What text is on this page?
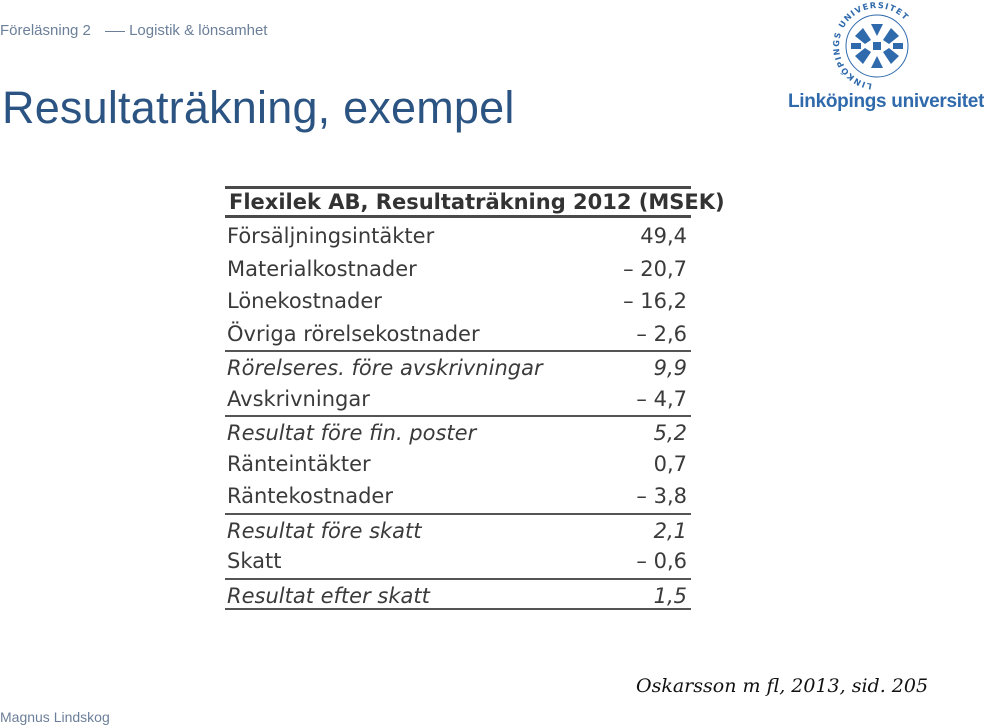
Föreläsning 2	Logistik & lönsamhet
Resultaträkning, exempel	LINKÖPINGS UNIVERSITET
Linköpings universitet
Flexilek AB, Resultaträkning 2012 (MSEK)
Försäljningsintäkter	49,4
Materialkostnader	– 20,7
Lönekostnader	– 16,2
Övriga rörelsekostnader	– 2,6
Rörelseres. före avskrivningar	9,9
Avskrivningar	– 4,7
Resultat före fin. poster	5,2
Ränteintäkter	0,7
Räntekostnader	– 3,8
Resultat före skatt	2,1
Skatt	– 0,6
Resultat efter skatt	1,5
Oskarsson m fl, 2013, sid. 205
Magnus Lindskog
